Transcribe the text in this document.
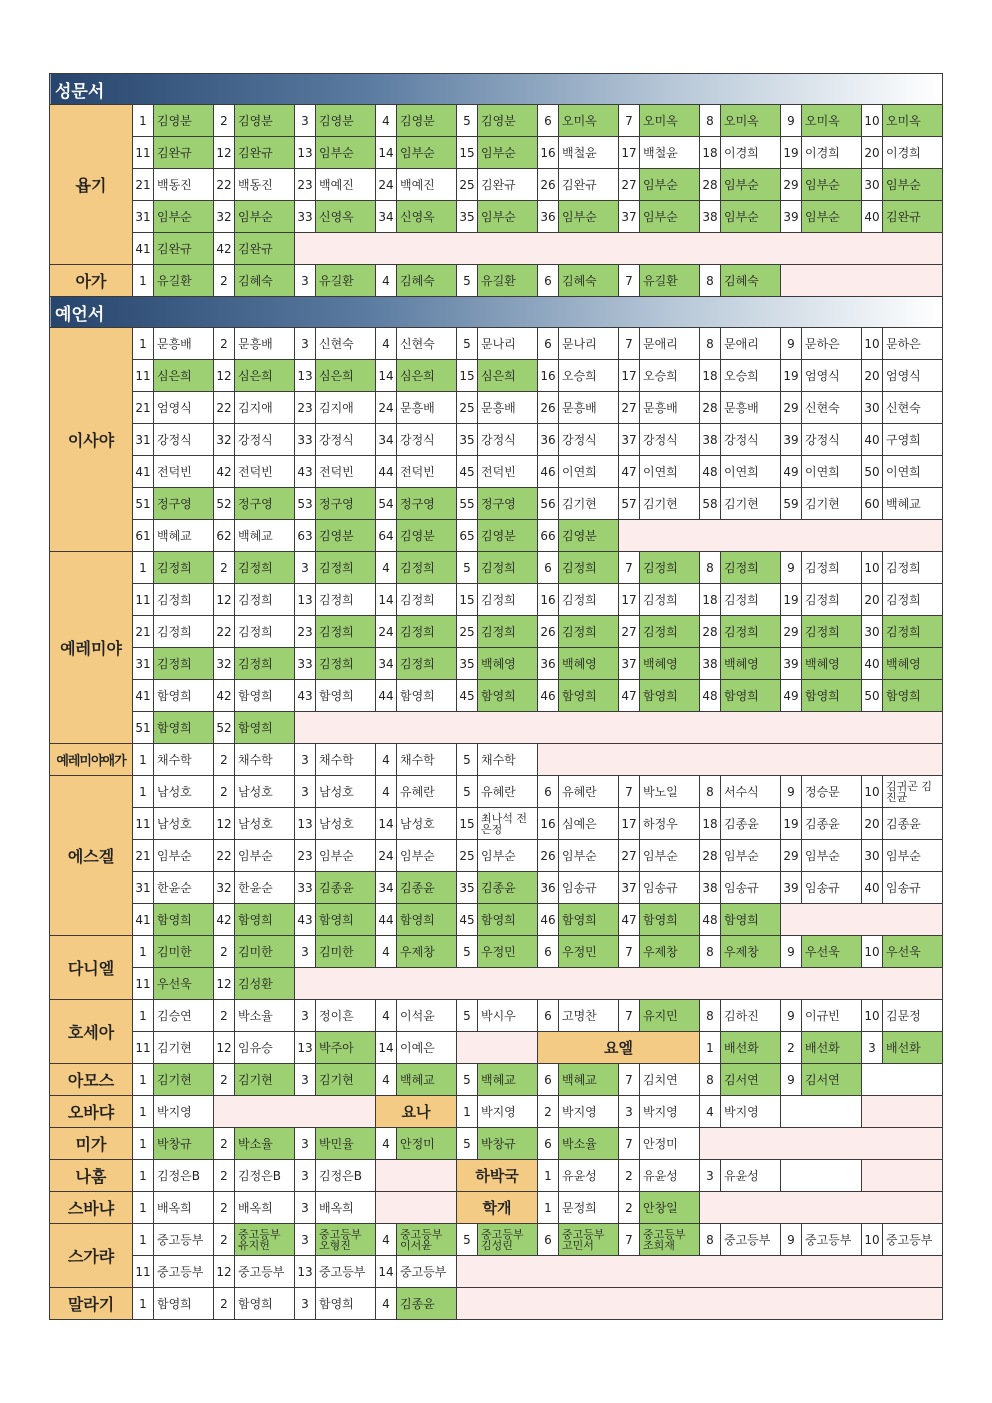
성문서																				
욥기	1	김영분	2	김영분	3	김영분	4	김영분	5	김영분	6	오미옥	7	오미옥	8	오미옥	9	오미옥	10	오미옥
	11	김완규	12	김완규	13	임부순	14	임부순	15	임부순	16	백철윤	17	백철윤	18	이경희	19	이경희	20	이경희
	21	백동진	22	백동진	23	백예진	24	백예진	25	김완규	26	김완규	27	임부순	28	임부순	29	임부순	30	임부순
	31	임부순	32	임부순	33	신영옥	34	신영옥	35	임부순	36	임부순	37	임부순	38	임부순	39	임부순	40	김완규
	41	김완규	42	김완규																
아가	1	유길환	2	김혜숙	3	유길환	4	김혜숙	5	유길환	6	김혜숙	7	유길환	8	김혜숙				
예언서																				
이사야	1	문흥배	2	문흥배	3	신현숙	4	신현숙	5	문나리	6	문나리	7	문애리	8	문애리	9	문하은	10	문하은
	11	심은희	12	심은희	13	심은희	14	심은희	15	심은희	16	오승희	17	오승희	18	오승희	19	엄영식	20	엄영식
	21	엄영식	22	김지애	23	김지애	24	문흥배	25	문흥배	26	문흥배	27	문흥배	28	문흥배	29	신현숙	30	신현숙
	31	강정식	32	강정식	33	강정식	34	강정식	35	강정식	36	강정식	37	강정식	38	강정식	39	강정식	40	구영희
	41	전덕빈	42	전덕빈	43	전덕빈	44	전덕빈	45	전덕빈	46	이연희	47	이연희	48	이연희	49	이연희	50	이연희
	51	정구영	52	정구영	53	정구영	54	정구영	55	정구영	56	김기현	57	김기현	58	김기현	59	김기현	60	백혜교
	61	백혜교	62	백혜교	63	김영분	64	김영분	65	김영분	66	김영분								
예레미야	1	김정희	2	김정희	3	김정희	4	김정희	5	김정희	6	김정희	7	김정희	8	김정희	9	김정희	10	김정희
	11	김정희	12	김정희	13	김정희	14	김정희	15	김정희	16	김정희	17	김정희	18	김정희	19	김정희	20	김정희
	21	김정희	22	김정희	23	김정희	24	김정희	25	김정희	26	김정희	27	김정희	28	김정희	29	김정희	30	김정희
	31	김정희	32	김정희	33	김정희	34	김정희	35	백혜영	36	백혜영	37	백혜영	38	백혜영	39	백혜영	40	백혜영
	41	함영희	42	함영희	43	함영희	44	함영희	45	함영희	46	함영희	47	함영희	48	함영희	49	함영희	50	함영희
	51	함영희	52	함영희																
예레미야애가	1	채수학	2	채수학	3	채수학	4	채수학	5	채수학										
에스겔	1	남성호	2	남성호	3	남성호	4	유혜란	5	유혜란	6	유혜란	7	박노일	8	서수식	9	정승문	10	김귀곤 김진균
	11	남성호	12	남성호	13	남성호	14	남성호	15	최나석 전은정	16	심예은	17	하정우	18	김종윤	19	김종윤	20	김종윤
	21	임부순	22	임부순	23	임부순	24	임부순	25	임부순	26	임부순	27	임부순	28	임부순	29	임부순	30	임부순
	31	한윤순	32	한윤순	33	김종윤	34	김종윤	35	김종윤	36	임송규	37	임송규	38	임송규	39	임송규	40	임송규
	41	함영희	42	함영희	43	함영희	44	함영희	45	함영희	46	함영희	47	함영희	48	함영희				
다니엘	1	김미한	2	김미한	3	김미한	4	우제창	5	우정민	6	우정민	7	우제창	8	우제창	9	우선욱	10	우선욱
	11	우선욱	12	김성환																
호세아	1	김승연	2	박소율	3	정이흔	4	이석윤	5	박시우	6	고명찬	7	유지민	8	김하진	9	이규빈	10	김문정
	11	김기현	12	임유승	13	박주아	14	이예은			요엘				1	배선화	2	배선화	3	배선화
아모스	1	김기현	2	김기현	3	김기현	4	백혜교	5	백혜교	6	백혜교	7	김치연	8	김서연	9	김서연		
오바댜	1	박지영					요나		1	박지영	2	박지영	3	박지영	4	박지영				
미가	1	박창규	2	박소율	3	박민율	4	안정미	5	박창규	6	박소율	7	안정미						
나훔	1	김정은B	2	김정은B	3	김정은B			하박국		1	유윤성	2	유윤성	3	유윤성				
스바냐	1	배옥희	2	배옥희	3	배옥희			학개		1	문정희	2	안창일						
스가랴	1	중고등부	2	중고등부 유지헌	3	중고등부 오형진	4	중고등부 이서윤	5	중고등부 김성린	6	중고등부 고민서	7	중고등부 조희재	8	중고등부	9	중고등부	10	중고등부
	11	중고등부	12	중고등부	13	중고등부	14	중고등부												
말라기	1	함영희	2	함영희	3	함영희	4	김종윤												
